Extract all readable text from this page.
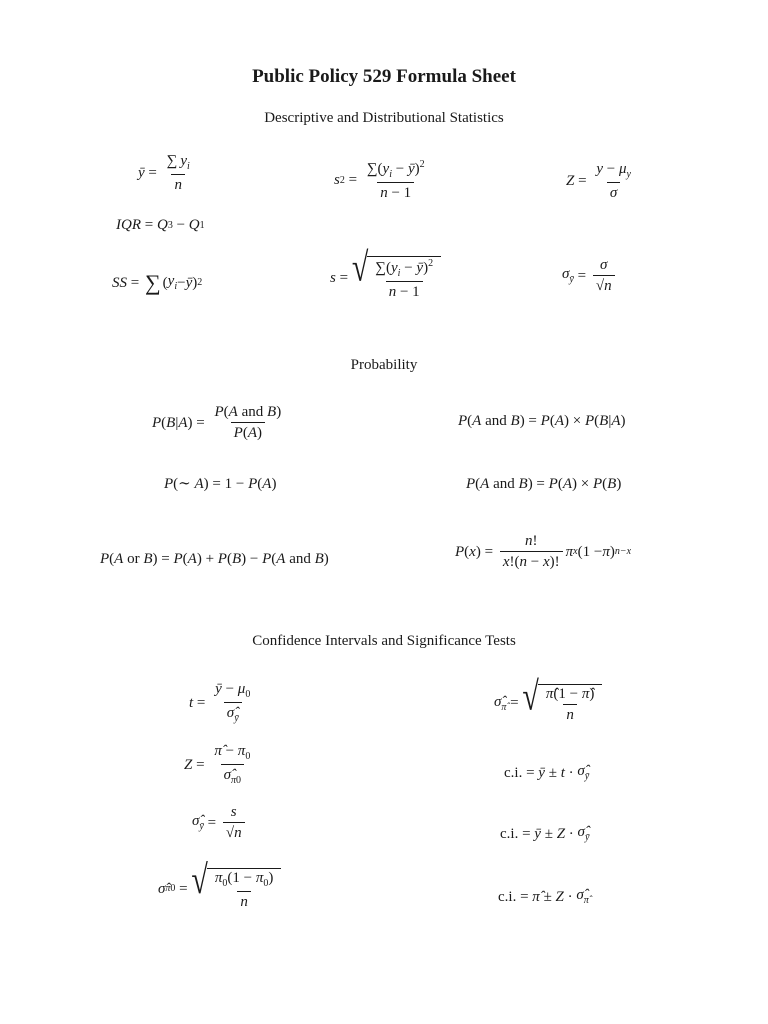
Public Policy 529 Formula Sheet
Descriptive and Distributional Statistics
ȳ = $\frac{\sum y_i}{n}$	s $2 = \frac{\sum(y_i - ȳ)^2}{n - 1}$	$Z = \frac{y - \mu_y}{\sigma}$
IQR = Q 3 − Q 1
SS = ∑ ( $y_i$ − ȳ ) 2	s = √ $\frac{\sum(y_i - ȳ)^2}{n - 1}$	$\sigma_ȳ = \frac{\sigma}{√n}$
Probability
P ( B | A ) = $\frac{\text{P(A and B)}}{P(A)}$	P ( A
and
B ) = P ( A ) × P ( B | A )
P (∼ A ) = 1 − P ( A )	P ( A
and
B ) = P ( A ) × P ( B )
P ( A
or
B ) = P ( A ) + P ( B ) − P ( A
and
B )	P ( x ) = $\frac{n!}{x!(n - x)!}$ π x (1 − π ) n−x
Confidence Intervals and Significance Tests
$t = \frac{ȳ - \mu_0}{\sigmâ_ȳ}$	$\sigmâ_{\pî}$ = √ $\frac{\pî(1 - \pî)}{n}$
$Z = \frac{\pî - \pi_0}{\sigmâ_{\pi 0}}$	c.i. = ȳ ± $t \cdot \sigmâ_ȳ$
$\sigmâ_ȳ = \frac{s}{√n}$	c.i. = ȳ ± $Z \cdot \sigmâ_ȳ$
σ̂ π0 = √ $\frac{\pi_0(1 - \pi_0)}{n}$	c.i. = π̂ ± $Z \cdot \sigmâ_{\pî}$
